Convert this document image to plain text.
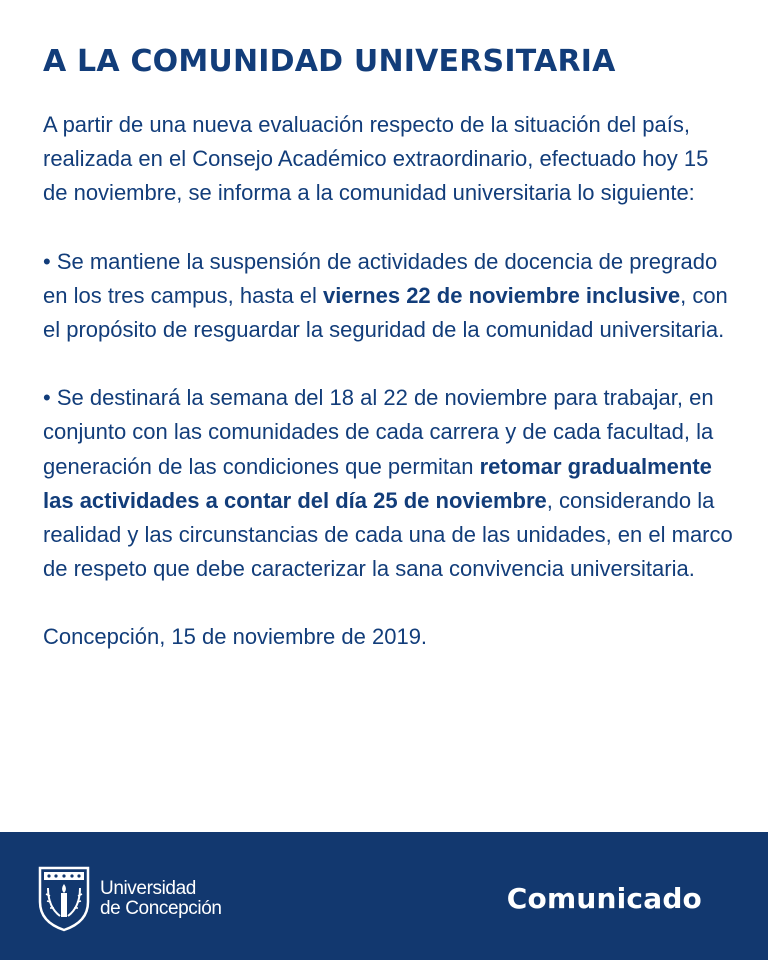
A LA COMUNIDAD UNIVERSITARIA

A partir de una nueva evaluación respecto de la situación del país, realizada en el Consejo Académico extraordinario, efectuado hoy 15 de noviembre, se informa a la comunidad universitaria lo siguiente:

• Se mantiene la suspensión de actividades de docencia de pregrado en los tres campus, hasta el viernes 22 de noviembre inclusive, con el propósito de resguardar la seguridad de la comunidad universitaria.

• Se destinará la semana del 18 al 22 de noviembre para trabajar, en conjunto con las comunidades de cada carrera y de cada facultad, la generación de las condiciones que permitan retomar gradualmente las actividades a contar del día 25 de noviembre, considerando la realidad y las circunstancias de cada una de las unidades, en el marco de respeto que debe caracterizar la sana convivencia universitaria.

Concepción, 15 de noviembre de 2019.

Universidad
de Concepción	Comunicado
